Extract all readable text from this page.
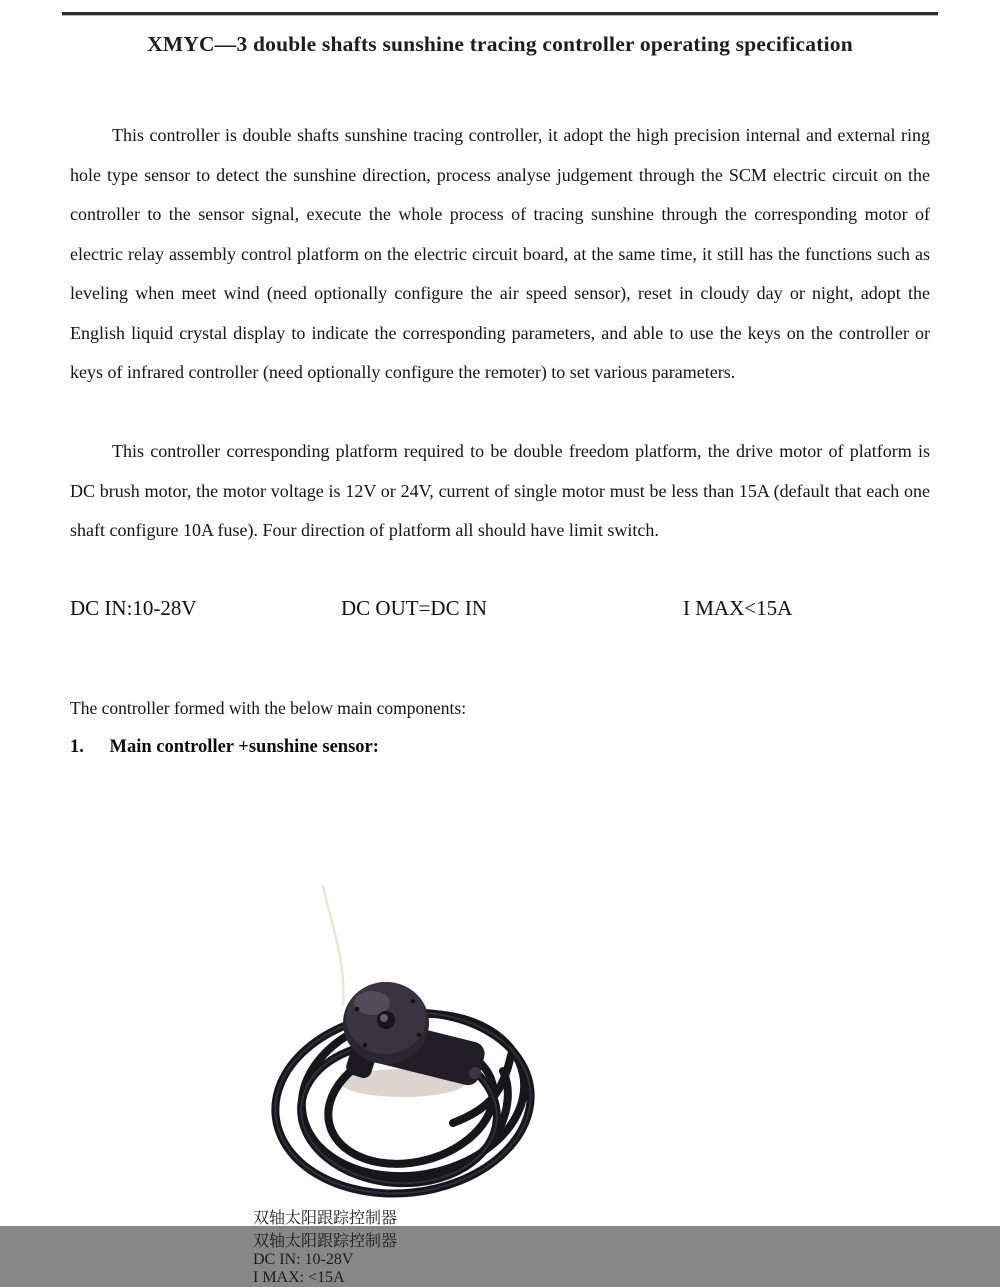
XMYC—3 double shafts sunshine tracing controller operating specification
This controller is double shafts sunshine tracing controller, it adopt the high precision internal and external ring hole type sensor to detect the sunshine direction, process analyse judgement through the SCM electric circuit on the controller to the sensor signal, execute the whole process of tracing sunshine through the corresponding motor of electric relay assembly control platform on the electric circuit board, at the same time, it still has the functions such as leveling when meet wind (need optionally configure the air speed sensor), reset in cloudy day or night, adopt the English liquid crystal display to indicate the corresponding parameters, and able to use the keys on the controller or keys of infrared controller (need optionally configure the remoter) to set various parameters.
This controller corresponding platform required to be double freedom platform, the drive motor of platform is DC brush motor, the motor voltage is 12V or 24V, current of single motor must be less than 15A (default that each one shaft configure 10A fuse). Four direction of platform all should have limit switch.
DC IN:10-28V	DC OUT=DC IN	I MAX<15A
The controller formed with the below main components:
1. Main controller +sunshine sensor:
双轴太阳跟踪控制器
双轴太阳跟踪控制器
DC IN: 10-28V
I MAX: <15A
